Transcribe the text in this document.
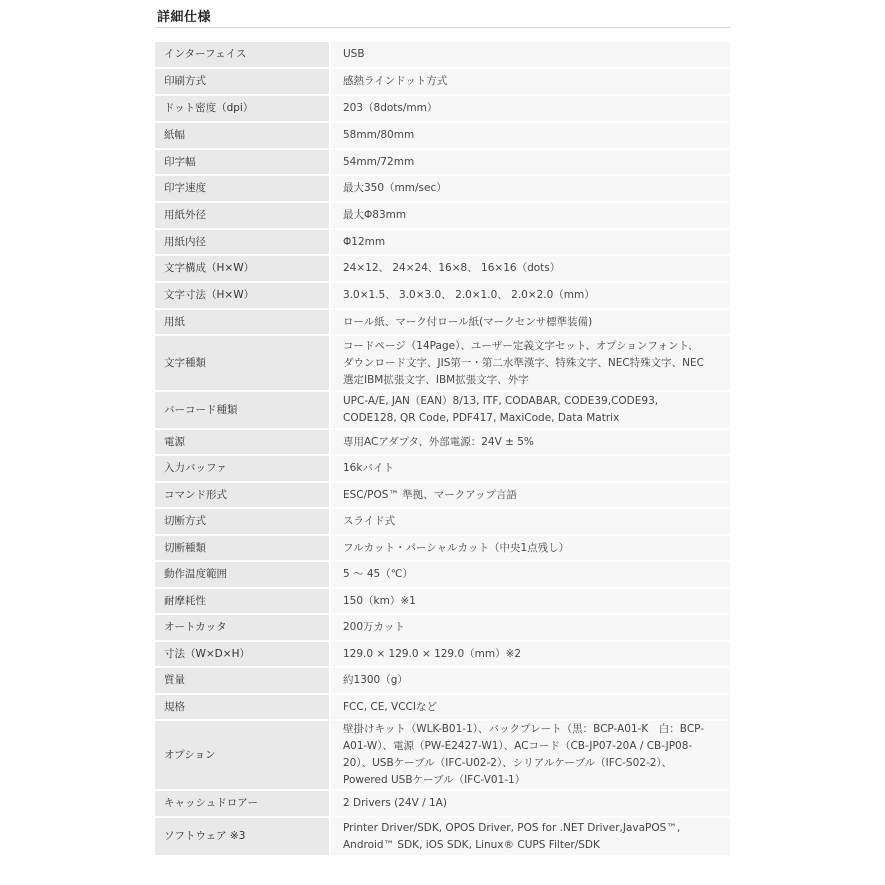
詳細仕様
インターフェイス	USB
印刷方式	感熱ラインドット方式
ドット密度（dpi）	203（8dots/mm）
紙幅	58mm/80mm
印字幅	54mm/72mm
印字速度	最大350（mm/sec）
用紙外径	最大Φ83mm
用紙内径	Φ12mm
文字構成（H×W）	24×12、 24×24、16×8、 16×16（dots）
文字寸法（H×W）	3.0×1.5、 3.0×3.0、 2.0×1.0、 2.0×2.0（mm）
用紙	ロール紙、マーク付ロール紙(マークセンサ標準装備)
文字種類	コードページ（14Page）、ユーザー定義文字セット、オプションフォント、ダウンロード文字、JIS第一・第二水準漢字、特殊文字、NEC特殊文字、NEC選定IBM拡張文字、IBM拡張文字、外字
バーコード種類	UPC-A/E, JAN（EAN）8/13, ITF, CODABAR, CODE39,CODE93, CODE128, QR Code, PDF417, MaxiCode, Data Matrix
電源	専用ACアダプタ、外部電源：24V ± 5%
入力バッファ	16kバイト
コマンド形式	ESC/POS™ 準拠、マークアップ言語
切断方式	スライド式
切断種類	フルカット・パーシャルカット（中央1点残し）
動作温度範囲	5 ～ 45（℃）
耐摩耗性	150（km）※1
オートカッタ	200万カット
寸法（W×D×H）	129.0 × 129.0 × 129.0（mm）※2
質量	約1300（g）
規格	FCC, CE, VCCIなど
オプション	壁掛けキット（WLK-B01-1）、バックプレート（黒：BCP-A01-K　白：BCP-A01-W）、電源（PW-E2427-W1）、ACコード（CB-JP07-20A / CB-JP08-20）、USBケーブル（IFC-U02-2）、シリアルケーブル（IFC-S02-2）、Powered USBケーブル（IFC-V01-1）
キャッシュドロアー	2 Drivers (24V / 1A)
ソフトウェア ※3	Printer Driver/SDK, OPOS Driver, POS for .NET Driver,JavaPOS™, Android™ SDK, iOS SDK, Linux® CUPS Filter/SDK
